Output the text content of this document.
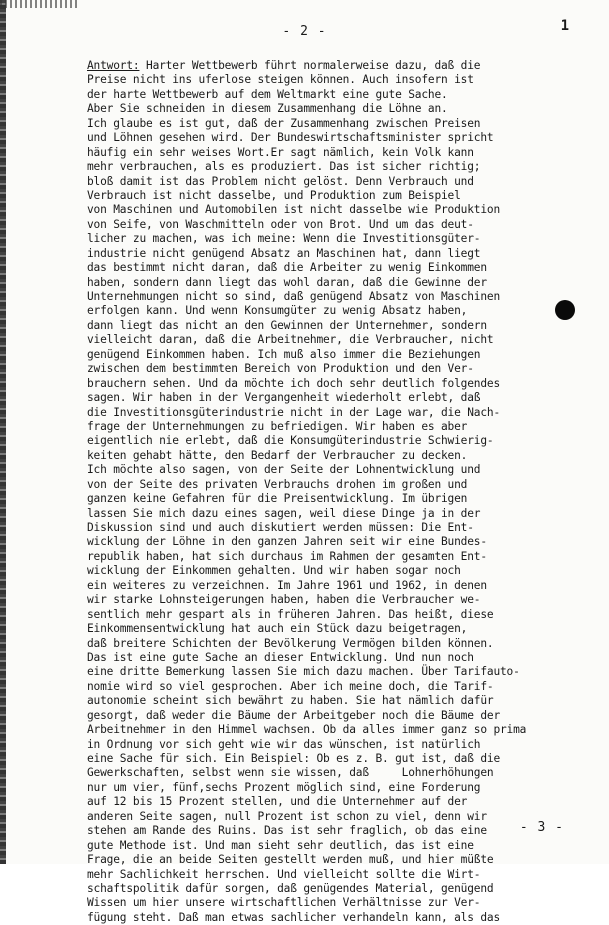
- 2 -	1
Antwort: Harter Wettbewerb führt normalerweise dazu, daß die
Preise nicht ins uferlose steigen können. Auch insofern ist
der harte Wettbewerb auf dem Weltmarkt eine gute Sache.
Aber Sie schneiden in diesem Zusammenhang die Löhne an.
Ich glaube es ist gut, daß der Zusammenhang zwischen Preisen
und Löhnen gesehen wird. Der Bundeswirtschaftsminister spricht
häufig ein sehr weises Wort.Er sagt nämlich, kein Volk kann
mehr verbrauchen, als es produziert. Das ist sicher richtig;
bloß damit ist das Problem nicht gelöst. Denn Verbrauch und
Verbrauch ist nicht dasselbe, und Produktion zum Beispiel
von Maschinen und Automobilen ist nicht dasselbe wie Produktion
von Seife, von Waschmitteln oder von Brot. Und um das deut-
licher zu machen, was ich meine: Wenn die Investitionsgüter-
industrie nicht genügend Absatz an Maschinen hat, dann liegt
das bestimmt nicht daran, daß die Arbeiter zu wenig Einkommen
haben, sondern dann liegt das wohl daran, daß die Gewinne der
Unternehmungen nicht so sind, daß genügend Absatz von Maschinen
erfolgen kann. Und wenn Konsumgüter zu wenig Absatz haben,
dann liegt das nicht an den Gewinnen der Unternehmer, sondern
vielleicht daran, daß die Arbeitnehmer, die Verbraucher, nicht
genügend Einkommen haben. Ich muß also immer die Beziehungen
zwischen dem bestimmten Bereich von Produktion und den Ver-
brauchern sehen. Und da möchte ich doch sehr deutlich folgendes
sagen. Wir haben in der Vergangenheit wiederholt erlebt, daß
die Investitionsgüterindustrie nicht in der Lage war, die Nach-
frage der Unternehmungen zu befriedigen. Wir haben es aber
eigentlich nie erlebt, daß die Konsumgüterindustrie Schwierig-
keiten gehabt hätte, den Bedarf der Verbraucher zu decken.
Ich möchte also sagen, von der Seite der Lohnentwicklung und
von der Seite des privaten Verbrauchs drohen im großen und
ganzen keine Gefahren für die Preisentwicklung. Im übrigen
lassen Sie mich dazu eines sagen, weil diese Dinge ja in der
Diskussion sind und auch diskutiert werden müssen: Die Ent-
wicklung der Löhne in den ganzen Jahren seit wir eine Bundes-
republik haben, hat sich durchaus im Rahmen der gesamten Ent-
wicklung der Einkommen gehalten. Und wir haben sogar noch
ein weiteres zu verzeichnen. Im Jahre 1961 und 1962, in denen
wir starke Lohnsteigerungen haben, haben die Verbraucher we-
sentlich mehr gespart als in früheren Jahren. Das heißt, diese
Einkommensentwicklung hat auch ein Stück dazu beigetragen,
daß breitere Schichten der Bevölkerung Vermögen bilden können.
Das ist eine gute Sache an dieser Entwicklung. Und nun noch
eine dritte Bemerkung lassen Sie mich dazu machen. Über Tarifauto-
nomie wird so viel gesprochen. Aber ich meine doch, die Tarif-
autonomie scheint sich bewährt zu haben. Sie hat nämlich dafür
gesorgt, daß weder die Bäume der Arbeitgeber noch die Bäume der
Arbeitnehmer in den Himmel wachsen. Ob da alles immer ganz so prima
in Ordnung vor sich geht wie wir das wünschen, ist natürlich
eine Sache für sich. Ein Beispiel: Ob es z. B. gut ist, daß die
Gewerkschaften, selbst wenn sie wissen, daß     Lohnerhöhungen
nur um vier, fünf,sechs Prozent möglich sind, eine Forderung
auf 12 bis 15 Prozent stellen, und die Unternehmer auf der
anderen Seite sagen, null Prozent ist schon zu viel, denn wir
stehen am Rande des Ruins. Das ist sehr fraglich, ob das eine
gute Methode ist. Und man sieht sehr deutlich, das ist eine
Frage, die an beide Seiten gestellt werden muß, und hier müßte
mehr Sachlichkeit herrschen. Und vielleicht sollte die Wirt-
schaftspolitik dafür sorgen, daß genügendes Material, genügend
Wissen um hier unsere wirtschaftlichen Verhältnisse zur Ver-
fügung steht. Daß man etwas sachlicher verhandeln kann, als das
- 3 -
